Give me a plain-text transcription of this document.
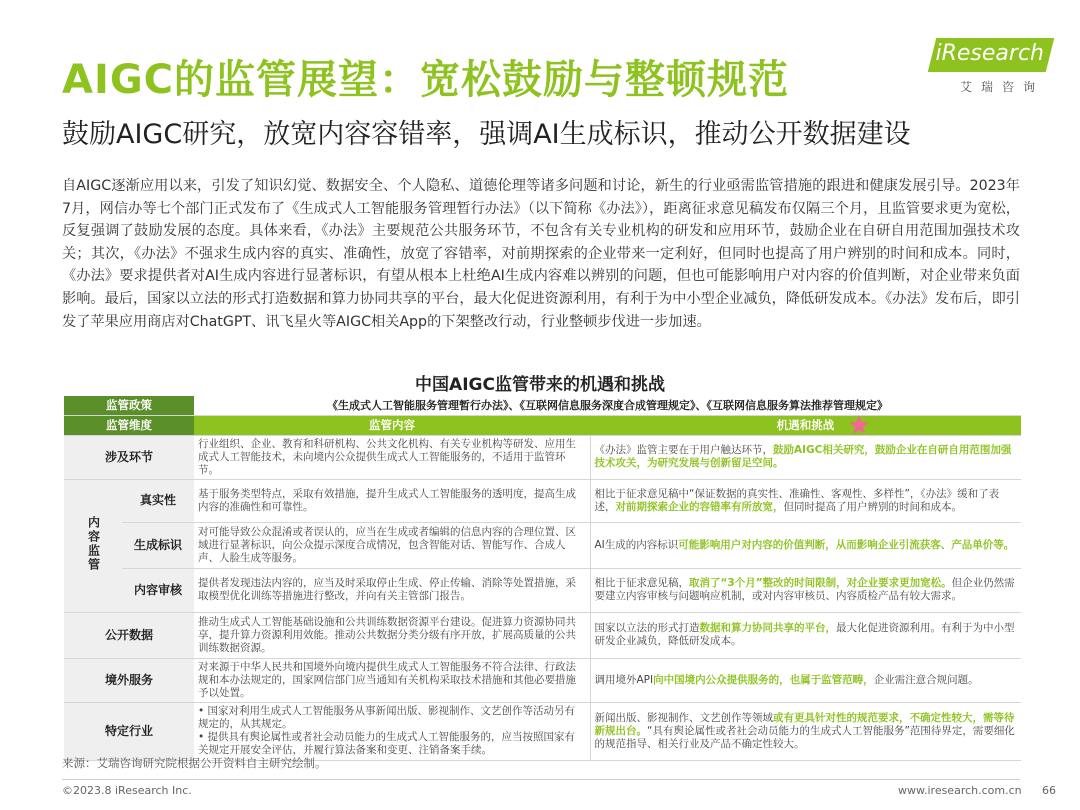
AIGC的监管展望：宽松鼓励与整顿规范
鼓励AIGC研究，放宽内容容错率，强调AI生成标识，推动公开数据建设
iResearch
艾瑞咨询
自AIGC逐渐应用以来，引发了知识幻觉、数据安全、个人隐私、道德伦理等诸多问题和讨论，新生的行业亟需监管措施的跟进和健康发展引导。2023年7月，网信办等七个部门正式发布了《生成式人工智能服务管理暂行办法》（以下简称《办法》），距离征求意见稿发布仅隔三个月，且监管要求更为宽松，反复强调了鼓励发展的态度。具体来看，《办法》主要规范公共服务环节，不包含有关专业机构的研发和应用环节，鼓励企业在自研自用范围加强技术攻关；其次，《办法》不强求生成内容的真实、准确性，放宽了容错率，对前期探索的企业带来一定利好，但同时也提高了用户辨别的时间和成本。同时，《办法》要求提供者对AI生成内容进行显著标识，有望从根本上杜绝AI生成内容难以辨别的问题，但也可能影响用户对内容的价值判断，对企业带来负面影响。最后，国家以立法的形式打造数据和算力协同共享的平台，最大化促进资源利用，有利于为中小型企业减负，降低研发成本。《办法》发布后，即引发了苹果应用商店对ChatGPT、讯飞星火等AIGC相关App的下架整改行动，行业整顿步伐进一步加速。
中国AIGC监管带来的机遇和挑战
监管政策		《生成式人工智能服务管理暂行办法》、《互联网信息服务深度合成管理规定》、《互联网信息服务算法推荐管理规定》	
监管维度		监管内容	机遇和挑战
涉及环节		行业组织、企业、教育和科研机构、公共文化机构、有关专业机构等研发、应用生成式人工智能技术，未向境内公众提供生成式人工智能服务的，不适用于监管环节。	《办法》监管主要在于用户触达环节，鼓励AIGC相关研究，鼓励企业在自研自用范围加强技术攻关，为研究发展与创新留足空间。
内容监管	真实性	基于服务类型特点，采取有效措施，提升生成式人工智能服务的透明度，提高生成内容的准确性和可靠性。	相比于征求意见稿中“保证数据的真实性、准确性、客观性、多样性”，《办法》缓和了表述，对前期探索企业的容错率有所放宽，但同时提高了用户辨别的时间和成本。
	生成标识	对可能导致公众混淆或者误认的，应当在生成或者编辑的信息内容的合理位置、区域进行显著标识，向公众提示深度合成情况，包含智能对话、智能写作、合成人声、人脸生成等服务。	AI生成的内容标识可能影响用户对内容的价值判断，从而影响企业引流获客、产品单价等。
	内容审核	提供者发现违法内容的，应当及时采取停止生成、停止传输、消除等处置措施，采取模型优化训练等措施进行整改，并向有关主管部门报告。	相比于征求意见稿，取消了“3个月”整改的时间限制，对企业要求更加宽松。但企业仍然需要建立内容审核与问题响应机制，或对内容审核员、内容质检产品有较大需求。
公开数据		推动生成式人工智能基础设施和公共训练数据资源平台建设。促进算力资源协同共享，提升算力资源利用效能。推动公共数据分类分级有序开放，扩展高质量的公共训练数据资源。	国家以立法的形式打造数据和算力协同共享的平台，最大化促进资源利用。有利于为中小型研发企业减负，降低研发成本。
境外服务		对来源于中华人民共和国境外向境内提供生成式人工智能服务不符合法律、行政法规和本办法规定的，国家网信部门应当通知有关机构采取技术措施和其他必要措施予以处置。	调用境外API向中国境内公众提供服务的，也属于监管范畴，企业需注意合规问题。
特定行业		• 国家对利用生成式人工智能服务从事新闻出版、影视制作、文艺创作等活动另有规定的，从其规定。
• 提供具有舆论属性或者社会动员能力的生成式人工智能服务的，应当按照国家有关规定开展安全评估，并履行算法备案和变更、注销备案手续。	新闻出版、影视制作、文艺创作等领域或有更具针对性的规范要求，不确定性较大，需等待新规出台。“具有舆论属性或者社会动员能力的生成式人工智能服务”范围待界定，需要细化的规范指导、相关行业及产品不确定性较大。
来源：艾瑞咨询研究院根据公开资料自主研究绘制。
©2023.8 iResearch Inc.	www.iresearch.com.cn 66
